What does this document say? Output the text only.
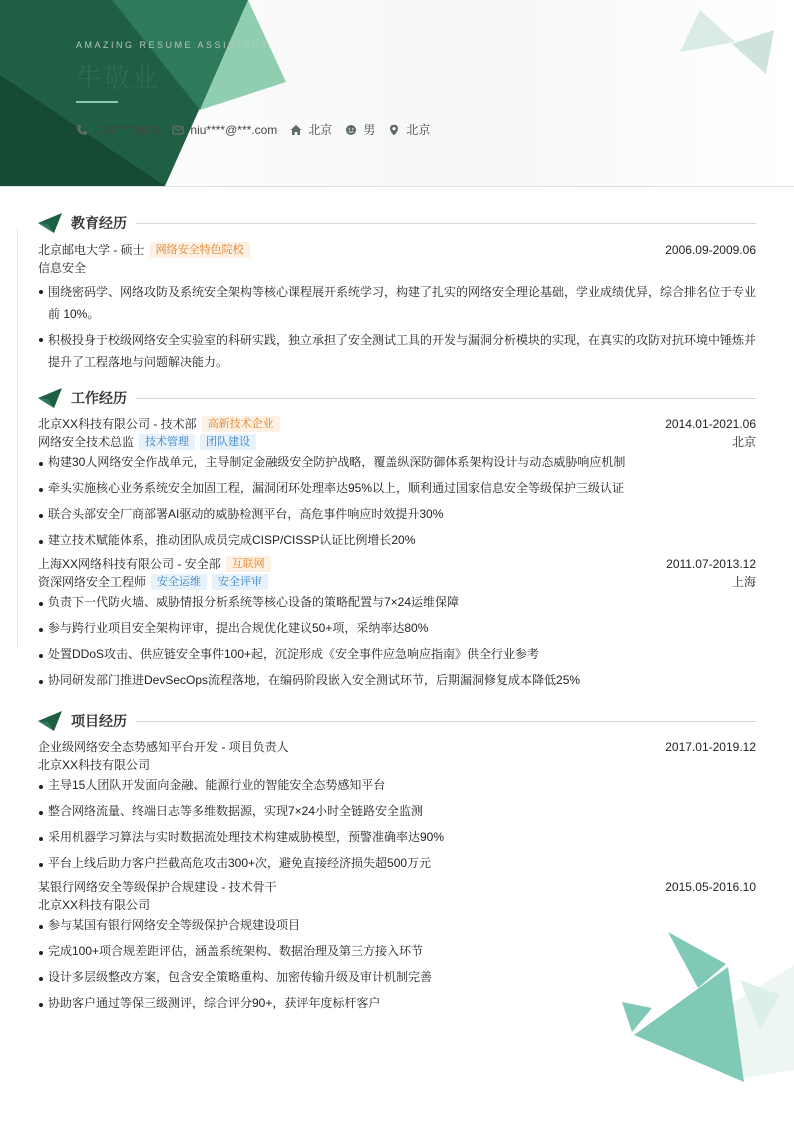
AMAZING RESUME ASSISTANT
牛敬业
138****5678	niu****@***.com	北京	男	北京
教育经历
北京邮电大学 - 硕士	网络安全特色院校	2006.09-2009.06
信息安全
围绕密码学、网络攻防及系统安全架构等核心课程展开系统学习，构建了扎实的网络安全理论基础，学业成绩优异，综合排名位于专业前 10%。
积极投身于校级网络安全实验室的科研实践，独立承担了安全测试工具的开发与漏洞分析模块的实现，在真实的攻防对抗环境中锤炼并提升了工程落地与问题解决能力。
工作经历
北京XX科技有限公司 - 技术部	高新技术企业	2014.01-2021.06
网络安全技术总监	技术管理	团队建设	北京
构建30人网络安全作战单元，主导制定金融级安全防护战略，覆盖纵深防御体系架构设计与动态威胁响应机制
牵头实施核心业务系统安全加固工程，漏洞闭环处理率达95%以上，顺利通过国家信息安全等级保护三级认证
联合头部安全厂商部署AI驱动的威胁检测平台，高危事件响应时效提升30%
建立技术赋能体系，推动团队成员完成CISP/CISSP认证比例增长20%
上海XX网络科技有限公司 - 安全部	互联网	2011.07-2013.12
资深网络安全工程师	安全运维	安全评审	上海
负责下一代防火墙、威胁情报分析系统等核心设备的策略配置与7×24运维保障
参与跨行业项目安全架构评审，提出合规优化建议50+项，采纳率达80%
处置DDoS攻击、供应链安全事件100+起，沉淀形成《安全事件应急响应指南》供全行业参考
协同研发部门推进DevSecOps流程落地，在编码阶段嵌入安全测试环节，后期漏洞修复成本降低25%
项目经历
企业级网络安全态势感知平台开发 - 项目负责人	2017.01-2019.12
北京XX科技有限公司
主导15人团队开发面向金融、能源行业的智能安全态势感知平台
整合网络流量、终端日志等多维数据源，实现7×24小时全链路安全监测
采用机器学习算法与实时数据流处理技术构建威胁模型，预警准确率达90%
平台上线后助力客户拦截高危攻击300+次，避免直接经济损失超500万元
某银行网络安全等级保护合规建设 - 技术骨干	2015.05-2016.10
北京XX科技有限公司
参与某国有银行网络安全等级保护合规建设项目
完成100+项合规差距评估，涵盖系统架构、数据治理及第三方接入环节
设计多层级整改方案，包含安全策略重构、加密传输升级及审计机制完善
协助客户通过等保三级测评，综合评分90+，获评年度标杆客户
